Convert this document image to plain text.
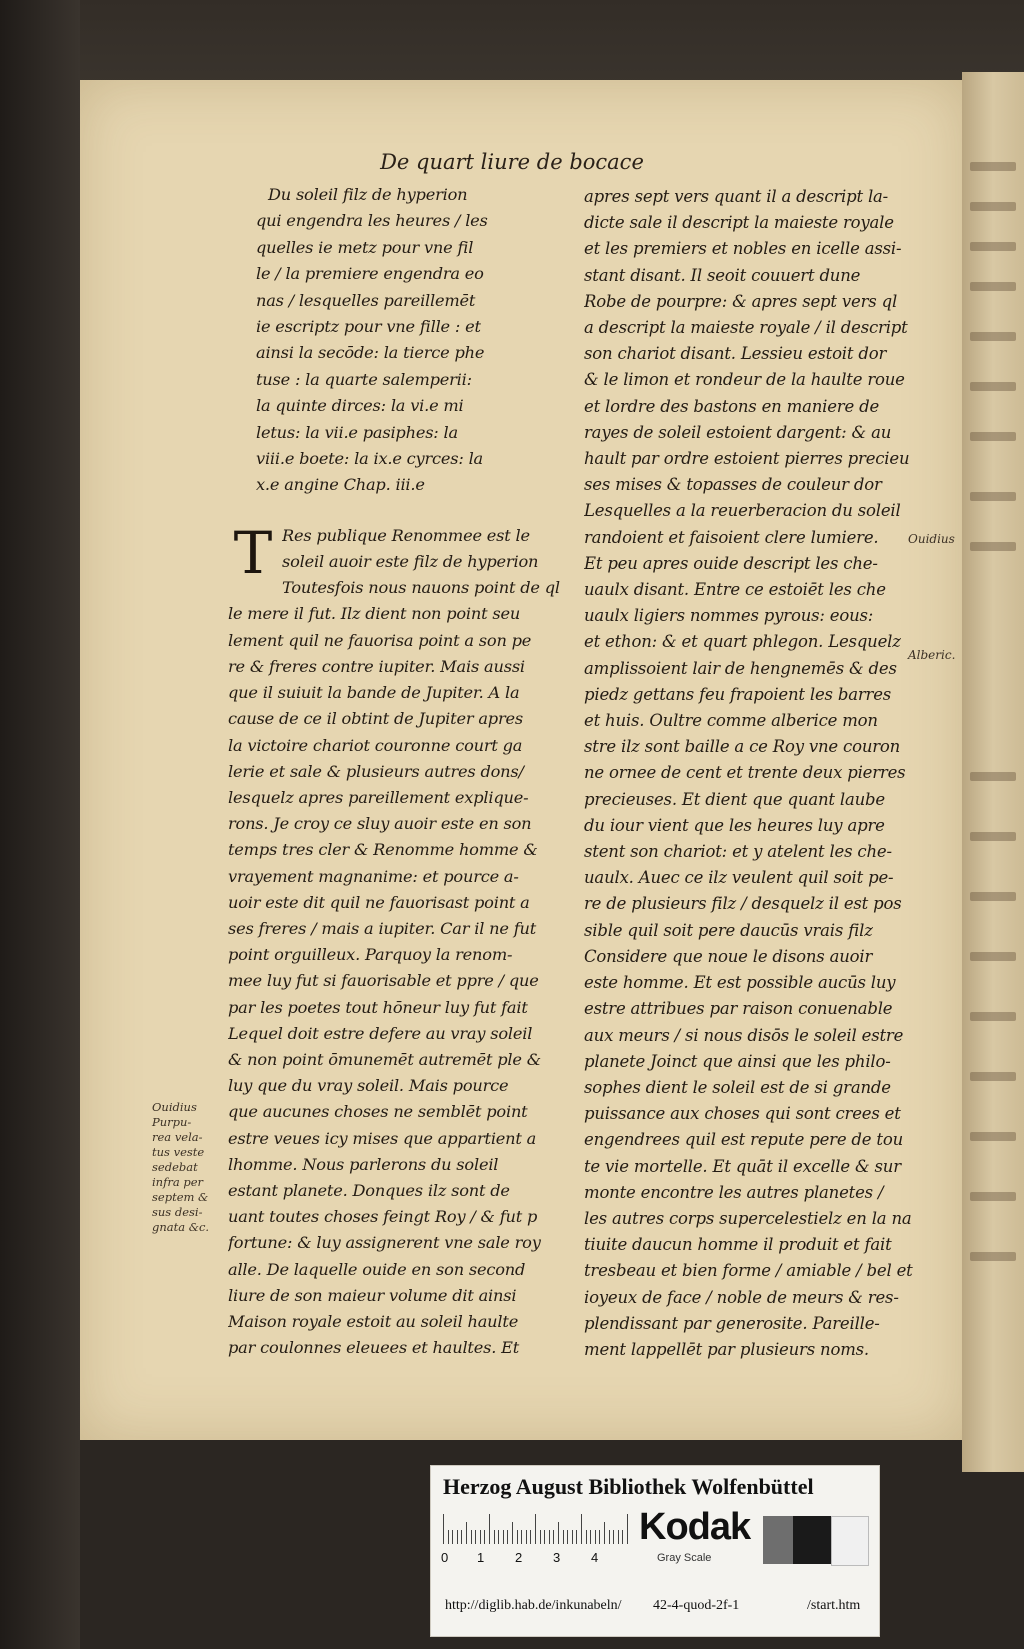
De quart liure de bocace
Du soleil filz de hyperion
qui engendra les heures / les
quelles ie metz pour vne fil
le / la premiere engendra eo
nas / lesquelles pareillemēt
ie escriptz pour vne fille : et
ainsi la secōde: la tierce phe
tuse : la quarte salemperii:
la quinte dirces: la vi.e mi
letus: la vii.e pasiphes: la
viii.e boete: la ix.e cyrces: la
x.e angine Chap. iii.e
T Res publique Renommee est le
soleil auoir este filz de hyperion
Toutesfois nous nauons point de ql
le mere il fut. Ilz dient non point seu
lement quil ne fauorisa point a son pe
re & freres contre iupiter. Mais aussi
que il suiuit la bande de Jupiter. A la
cause de ce il obtint de Jupiter apres
la victoire chariot couronne court ga
lerie et sale & plusieurs autres dons/
lesquelz apres pareillement explique-
rons. Je croy ce sluy auoir este en son
temps tres cler & Renomme homme &
vrayement magnanime: et pource a-
uoir este dit quil ne fauorisast point a
ses freres / mais a iupiter. Car il ne fut
point orguilleux. Parquoy la renom-
mee luy fut si fauorisable et ppre / que
par les poetes tout hōneur luy fut fait
Lequel doit estre defere au vray soleil
& non point ōmunemēt autremēt ple &
luy que du vray soleil. Mais pource
que aucunes choses ne semblēt point
estre veues icy mises que appartient a
lhomme. Nous parlerons du soleil
estant planete. Donques ilz sont de
uant toutes choses feingt Roy / & fut p
fortune: & luy assignerent vne sale roy
alle. De laquelle ouide en son second
liure de son maieur volume dit ainsi
Maison royale estoit au soleil haulte
par coulonnes eleuees et haultes. Et
apres sept vers quant il a descript la-
dicte sale il descript la maieste royale
et les premiers et nobles en icelle assi-
stant disant. Il seoit couuert dune
Robe de pourpre: & apres sept vers ql
a descript la maieste royale / il descript
son chariot disant. Lessieu estoit dor
& le limon et rondeur de la haulte roue
et lordre des bastons en maniere de
rayes de soleil estoient dargent: & au
hault par ordre estoient pierres precieu
ses mises & topasses de couleur dor
Lesquelles a la reuerberacion du soleil
randoient et faisoient clere lumiere.
Et peu apres ouide descript les che-
uaulx disant. Entre ce estoiēt les che
uaulx ligiers nommes pyrous: eous:
et ethon: & et quart phlegon. Lesquelz
amplissoient lair de hengnemēs & des
piedz gettans feu frapoient les barres
et huis. Oultre comme alberice mon
stre ilz sont baille a ce Roy vne couron
ne ornee de cent et trente deux pierres
precieuses. Et dient que quant laube
du iour vient que les heures luy apre
stent son chariot: et y atelent les che-
uaulx. Auec ce ilz veulent quil soit pe-
re de plusieurs filz / desquelz il est pos
sible quil soit pere daucūs vrais filz
Considere que noue le disons auoir
este homme. Et est possible aucūs luy
estre attribues par raison conuenable
aux meurs / si nous disōs le soleil estre
planete Joinct que ainsi que les philo-
sophes dient le soleil est de si grande
puissance aux choses qui sont crees et
engendrees quil est repute pere de tou
te vie mortelle. Et quāt il excelle & sur
monte encontre les autres planetes /
les autres corps supercelestielz en la na
tiuite daucun homme il produit et fait
tresbeau et bien forme / amiable / bel et
ioyeux de face / noble de meurs & res-
plendissant par generosite. Pareille-
ment lappellēt par plusieurs noms.
Ouidius
Purpu-
rea vela-
tus veste
sedebat
infra per
septem &
sus desi-
gnata &c.
Ouidius
Alberic.
Herzog August Bibliothek Wolfenbüttel
0 1 2 3 4
Kodak
Gray Scale
http://diglib.hab.de/inkunabeln/ 42-4-quod-2f-1	/start.htm
